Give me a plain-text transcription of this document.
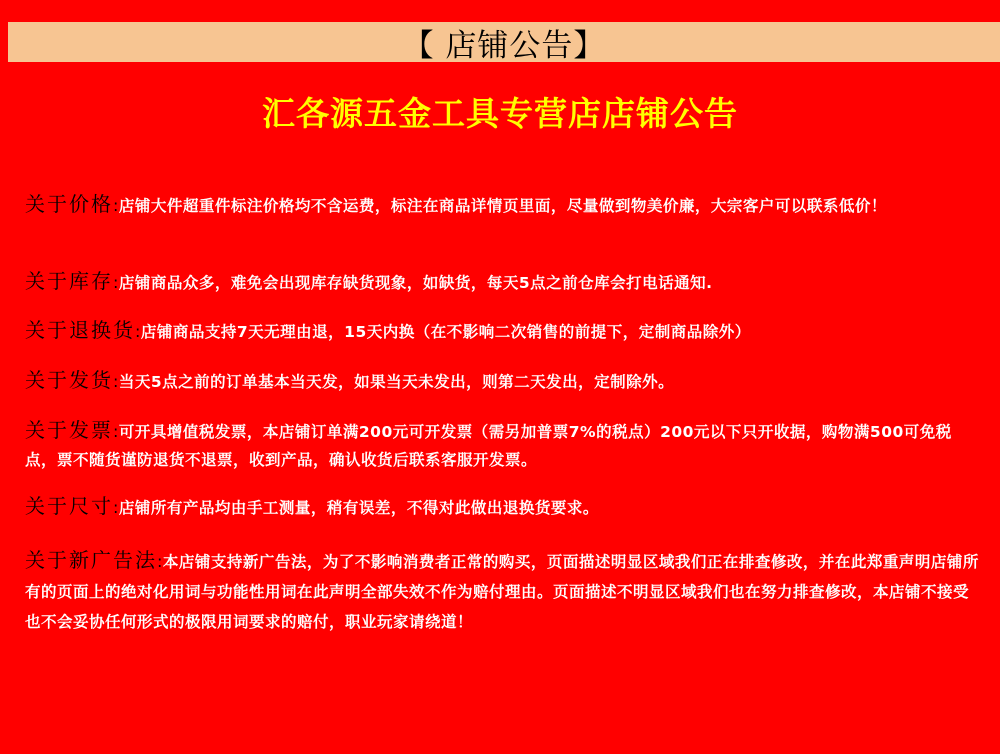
【 店铺公告】
汇各源五金工具专营店店铺公告

关于价格:店铺大件超重件标注价格均不含运费，标注在商品详情页里面，尽量做到物美价廉，大宗客户可以联系低价！

关于库存:店铺商品众多，难免会出现库存缺货现象，如缺货，每天5点之前仓库会打电话通知.

关于退换货:店铺商品支持7天无理由退，15天内换（在不影响二次销售的前提下，定制商品除外）

关于发货:当天5点之前的订单基本当天发，如果当天未发出，则第二天发出，定制除外。

关于发票:可开具增值税发票，本店铺订单满200元可开发票（需另加普票7%的税点）200元以下只开收据，购物满500可免税点，票不随货谨防退货不退票，收到产品，确认收货后联系客服开发票。

关于尺寸:店铺所有产品均由手工测量，稍有误差，不得对此做出退换货要求。

关于新广告法:本店铺支持新广告法，为了不影响消费者正常的购买，页面描述明显区域我们正在排查修改，并在此郑重声明店铺所有的页面上的绝对化用词与功能性用词在此声明全部失效不作为赔付理由。页面描述不明显区域我们也在努力排查修改，本店铺不接受也不会妥协任何形式的极限用词要求的赔付，职业玩家请绕道！
